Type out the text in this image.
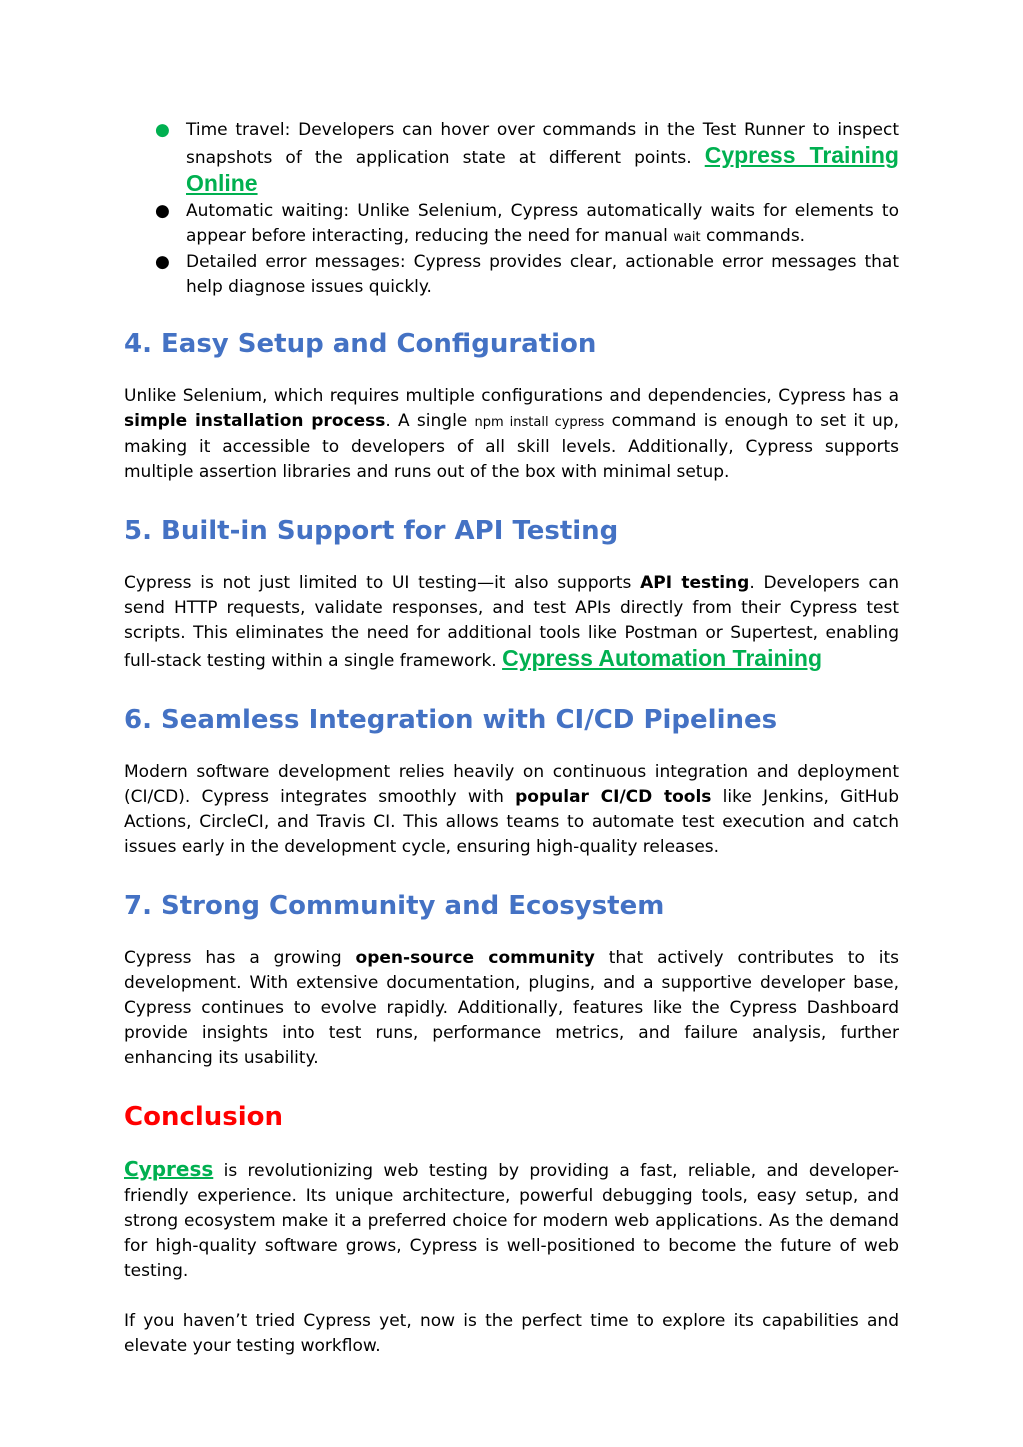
● Time travel: Developers can hover over commands in the Test Runner to inspect snapshots of the application state at different points. Cypress Training Online
● Automatic waiting: Unlike Selenium, Cypress automatically waits for elements to appear before interacting, reducing the need for manual wait commands.
● Detailed error messages: Cypress provides clear, actionable error messages that help diagnose issues quickly.
4. Easy Setup and Configuration

Unlike Selenium, which requires multiple configurations and dependencies, Cypress has a simple installation process. A single npm install cypress command is enough to set it up, making it accessible to developers of all skill levels. Additionally, Cypress supports multiple assertion libraries and runs out of the box with minimal setup.

5. Built-in Support for API Testing

Cypress is not just limited to UI testing—it also supports API testing. Developers can send HTTP requests, validate responses, and test APIs directly from their Cypress test scripts. This eliminates the need for additional tools like Postman or Supertest, enabling full-stack testing within a single framework. Cypress Automation Training

6. Seamless Integration with CI/CD Pipelines

Modern software development relies heavily on continuous integration and deployment (CI/CD). Cypress integrates smoothly with popular CI/CD tools like Jenkins, GitHub Actions, CircleCI, and Travis CI. This allows teams to automate test execution and catch issues early in the development cycle, ensuring high-quality releases.

7. Strong Community and Ecosystem

Cypress has a growing open-source community that actively contributes to its development. With extensive documentation, plugins, and a supportive developer base, Cypress continues to evolve rapidly. Additionally, features like the Cypress Dashboard provide insights into test runs, performance metrics, and failure analysis, further enhancing its usability.

Conclusion

Cypress is revolutionizing web testing by providing a fast, reliable, and developer-friendly experience. Its unique architecture, powerful debugging tools, easy setup, and strong ecosystem make it a preferred choice for modern web applications. As the demand for high-quality software grows, Cypress is well-positioned to become the future of web testing.

If you haven’t tried Cypress yet, now is the perfect time to explore its capabilities and elevate your testing workflow.
